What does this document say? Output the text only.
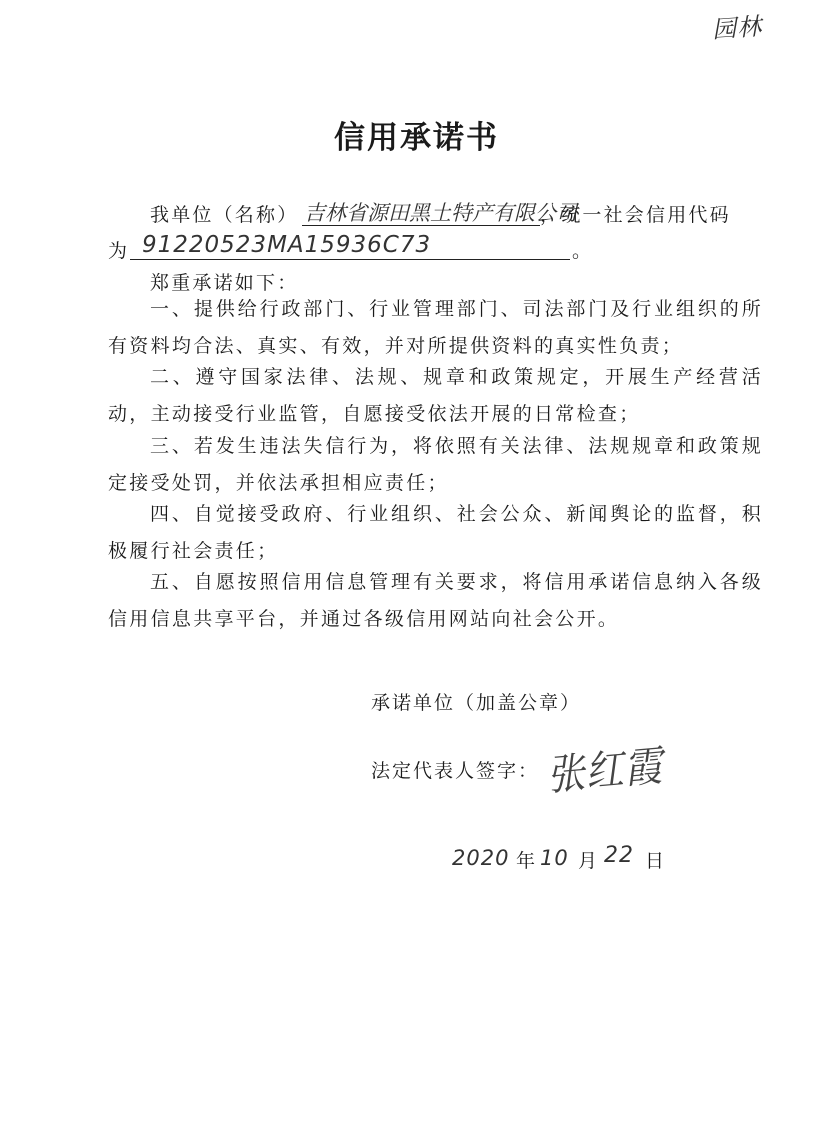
园林
信用承诺书
我单位（名称） 吉林省源田黑土特产有限公司
，统一社会信用代码
为 91220523MA15936C73	。
郑重承诺如下：
一、提供给行政部门、行业管理部门、司法部门及行业组织的所有资料均合法、真实、有效，并对所提供资料的真实性负责；
二、遵守国家法律、法规、规章和政策规定，开展生产经营活动，主动接受行业监管，自愿接受依法开展的日常检查；
三、若发生违法失信行为，将依照有关法律、法规规章和政策规定接受处罚，并依法承担相应责任；
四、自觉接受政府、行业组织、社会公众、新闻舆论的监督，积极履行社会责任；
五、自愿按照信用信息管理有关要求，将信用承诺信息纳入各级信用信息共享平台，并通过各级信用网站向社会公开。
承诺单位（加盖公章）
法定代表人签字： 张红霞
2020 年 10 月 22 日
